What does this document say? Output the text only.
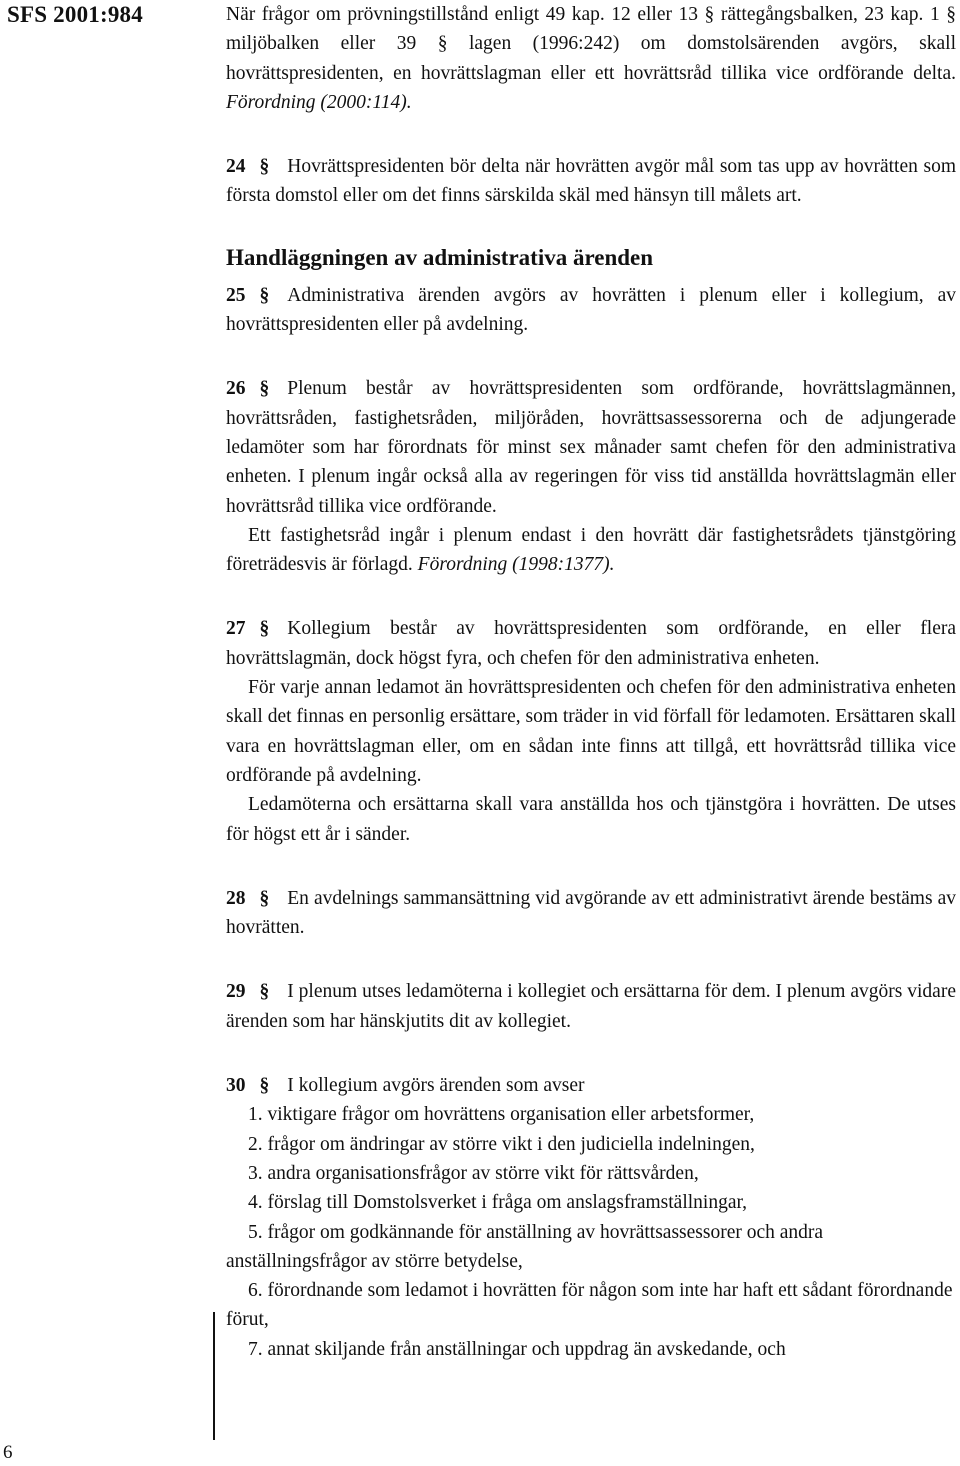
SFS 2001:984
6

När frågor om prövningstillstånd enligt 49 kap. 12 eller 13 § rättegångsbalken, 23 kap. 1 § miljöbalken eller 39 § lagen (1996:242) om domstolsärenden avgörs, skall hovrättspresidenten, en hovrättslagman eller ett hovrättsråd tillika vice ordförande delta. Förordning (2000:114).

24 § Hovrättspresidenten bör delta när hovrätten avgör mål som tas upp av hovrätten som första domstol eller om det finns särskilda skäl med hänsyn till målets art.

Handläggningen av administrativa ärenden

25 § Administrativa ärenden avgörs av hovrätten i plenum eller i kollegium, av hovrättspresidenten eller på avdelning.

26 § Plenum består av hovrättspresidenten som ordförande, hovrättslagmännen, hovrättsråden, fastighetsråden, miljöråden, hovrättsassessorerna och de adjungerade ledamöter som har förordnats för minst sex månader samt chefen för den administrativa enheten. I plenum ingår också alla av regeringen för viss tid anställda hovrättslagmän eller hovrättsråd tillika vice ordförande.

Ett fastighetsråd ingår i plenum endast i den hovrätt där fastighetsrådets tjänstgöring företrädesvis är förlagd. Förordning (1998:1377).

27 § Kollegium består av hovrättspresidenten som ordförande, en eller flera hovrättslagmän, dock högst fyra, och chefen för den administrativa enheten.

För varje annan ledamot än hovrättspresidenten och chefen för den administrativa enheten skall det finnas en personlig ersättare, som träder in vid förfall för ledamoten. Ersättaren skall vara en hovrättslagman eller, om en sådan inte finns att tillgå, ett hovrättsråd tillika vice ordförande på avdelning.

Ledamöterna och ersättarna skall vara anställda hos och tjänstgöra i hovrätten. De utses för högst ett år i sänder.

28 § En avdelnings sammansättning vid avgörande av ett administrativt ärende bestäms av hovrätten.

29 § I plenum utses ledamöterna i kollegiet och ersättarna för dem. I plenum avgörs vidare ärenden som har hänskjutits dit av kollegiet.

30 § I kollegium avgörs ärenden som avser

1. viktigare frågor om hovrättens organisation eller arbetsformer,
2. frågor om ändringar av större vikt i den judiciella indelningen,
3. andra organisationsfrågor av större vikt för rättsvården,
4. förslag till Domstolsverket i fråga om anslagsframställningar,
5. frågor om godkännande för anställning av hovrättsassessorer och andra anställningsfrågor av större betydelse,
6. förordnande som ledamot i hovrätten för någon som inte har haft ett sådant förordnande förut,
7. annat skiljande från anställningar och uppdrag än avskedande, och
